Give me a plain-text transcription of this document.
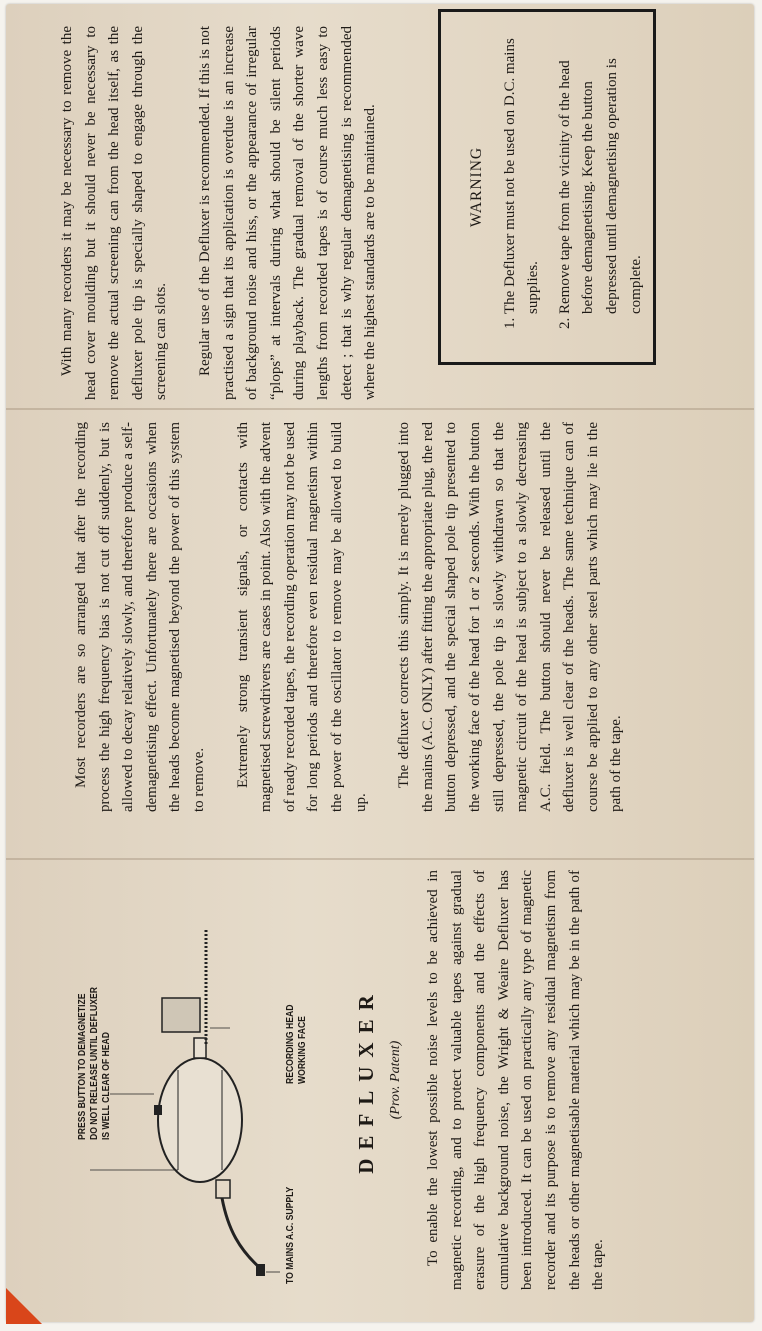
With many recorders it may be necessary to remove the head cover moulding but it should never be necessary to remove the actual screening can from the head itself, as the defluxer pole tip is specially shaped to engage through the screening can slots.	Regular use of the Defluxer is recommended. If this is not practised a sign that its application is overdue is an increase of background noise and hiss, or the appearance of irregular “plops” at intervals during what should be silent periods during playback. The gradual removal of the shorter wave lengths from recorded tapes is of course much less easy to detect ; that is why regular demagnetising is recommended where the highest standards are to be maintained.	WARNING 1. The Defluxer must not be used on D.C. mains supplies.	2. Remove tape from the vicinity of the head before demagnetising. Keep the button depressed until demagnetising operation is complete.

Most recorders are so arranged that after the recording process the high frequency bias is not cut off suddenly, but is allowed to decay relatively slowly, and therefore produce a self-demagnetising effect. Unfortunately there are occasions when the heads become magnetised beyond the power of this system to remove.	Extremely strong transient signals, or contacts with magnetised screwdrivers are cases in point. Also with the advent of ready recorded tapes, the recording operation may not be used for long periods and therefore even residual magnetism within the power of the oscillator to remove may be allowed to build up.

The defluxer corrects this simply. It is merely plugged into the mains (A.C. ONLY) after fitting the appropriate plug, the red button depressed, and the special shaped pole tip presented to the working face of the head for 1 or 2 seconds. With the button still depressed, the pole tip is slowly withdrawn so that the magnetic circuit of the head is subject to a slowly decreasing A.C. field. The button should never be released until the defluxer is well clear of the heads. The same technique can of course be applied to any other steel parts which may lie in the path of the tape.

PRESS BUTTON TO DEMAGNETIZE DO NOT RELEASE UNTIL DEFLUXER IS WELL CLEAR OF HEAD
TO MAINS A.C. SUPPLY
RECORDING HEAD WORKING FACE DEFLUXER (Prov. Patent) To enable the lowest possible noise levels to be achieved in magnetic recording, and to protect valuable tapes against gradual erasure of the high frequency components and the effects of cumulative background noise, the Wright & Weaire Defluxer has been introduced. It can be used on practically any type of magnetic recorder and its purpose is to remove any residual magnetism from the heads or other magnetisable material which may be in the path of the tape.
